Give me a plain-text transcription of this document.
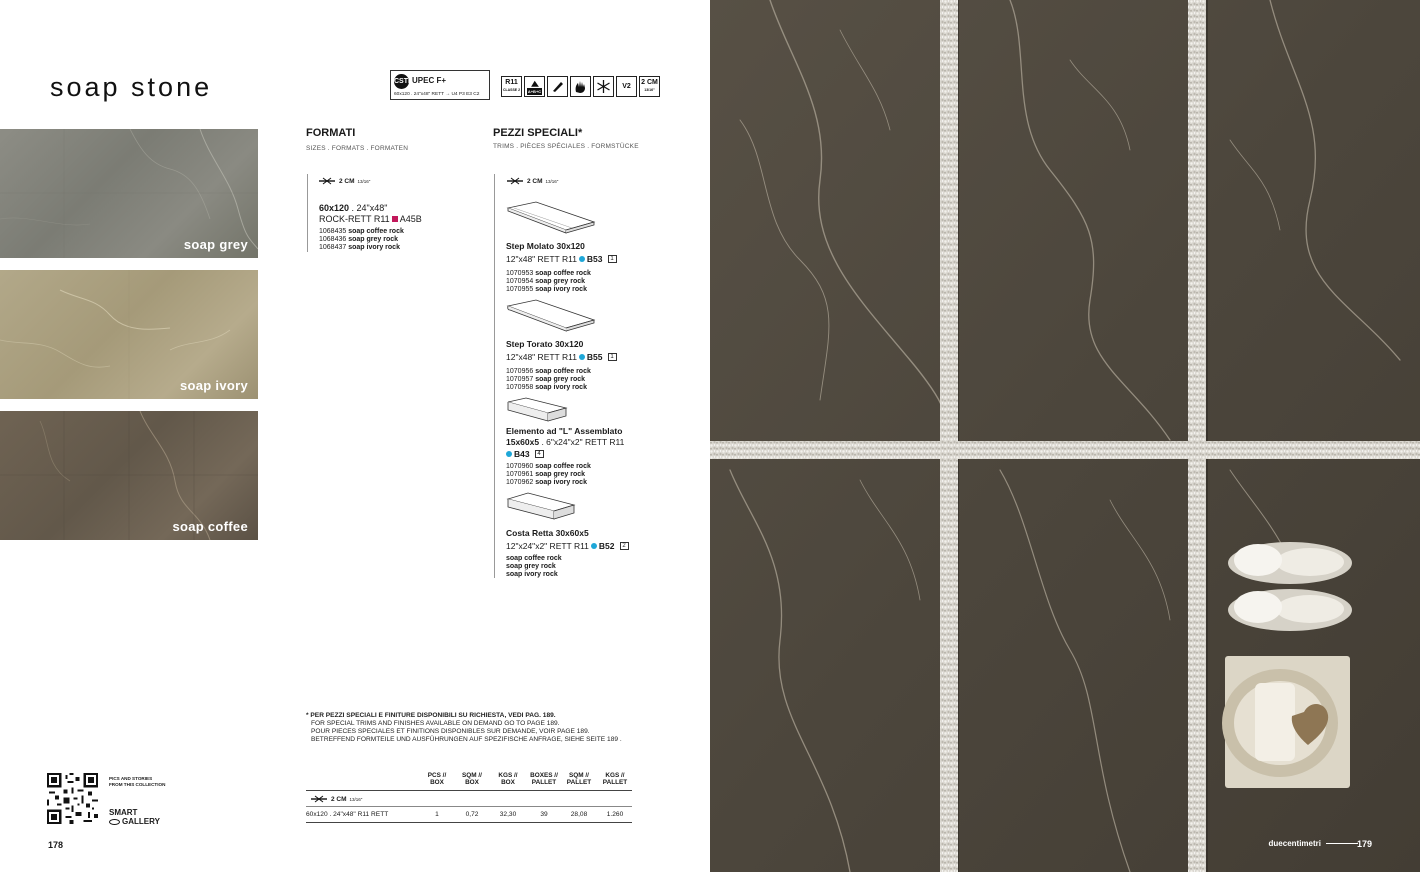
soap stone
soap grey
soap ivory
soap coffee
CSTB
UPEC F+
60x120 . 24"x48" RETT → U4 P3 E3 C2
R11
CLASSE 2 A+B+C
V2
2 CM
13/16"
FORMATI
SIZES . FORMATS . FORMATEN
2 CM 13/16"
60x120 . 24"x48"
ROCK-RETT R11 A45B
1068435 soap coffee rock
1068436 soap grey rock
1068437 soap ivory rock
PEZZI SPECIALI*
TRIMS . PIÈCES SPÉCIALES . FORMSTÜCKE
2 CM 13/16"
Step Molato 30x120
12"x48" RETT R11 B53	1
1070953 soap coffee rock
1070954 soap grey rock
1070955 soap ivory rock
Step Torato 30x120
12"x48" RETT R11 B55	1
1070956 soap coffee rock
1070957 soap grey rock
1070958 soap ivory rock
Elemento ad "L" Assemblato
15x60x5 . 6"x24"x2" RETT R11
B43	4
1070960 soap coffee rock
1070961 soap grey rock
1070962 soap ivory rock
Costa Retta 30x60x5
12"x24"x2" RETT R11 B52	2
soap coffee rock
soap grey rock
soap ivory rock
* PER PEZZI SPECIALI E FINITURE DISPONIBILI SU RICHIESTA, VEDI PAG. 189.
FOR SPECIAL TRIMS AND FINISHES AVAILABLE ON DEMAND GO TO PAGE 189.
POUR PIECES SPECIALES ET FINITIONS DISPONIBLES SUR DEMANDE, VOIR PAGE 189.
BETREFFEND FORMTEILE UND AUSFÜHRUNGEN AUF SPEZIFISCHE ANFRAGE, SIEHE SEITE 189 .
PCS //
BOX
SQM //
BOX
KGS //
BOX
BOXES //
PALLET
SQM //
PALLET
KGS //
PALLET
2 CM 13/16"
60x120 . 24"x48" R11 RETT	1	0,72	32,30	39	28,08	1.260
PICS AND STORIES
FROM THIS COLLECTION
SMART
GALLERY
178	duecentimetri	179
